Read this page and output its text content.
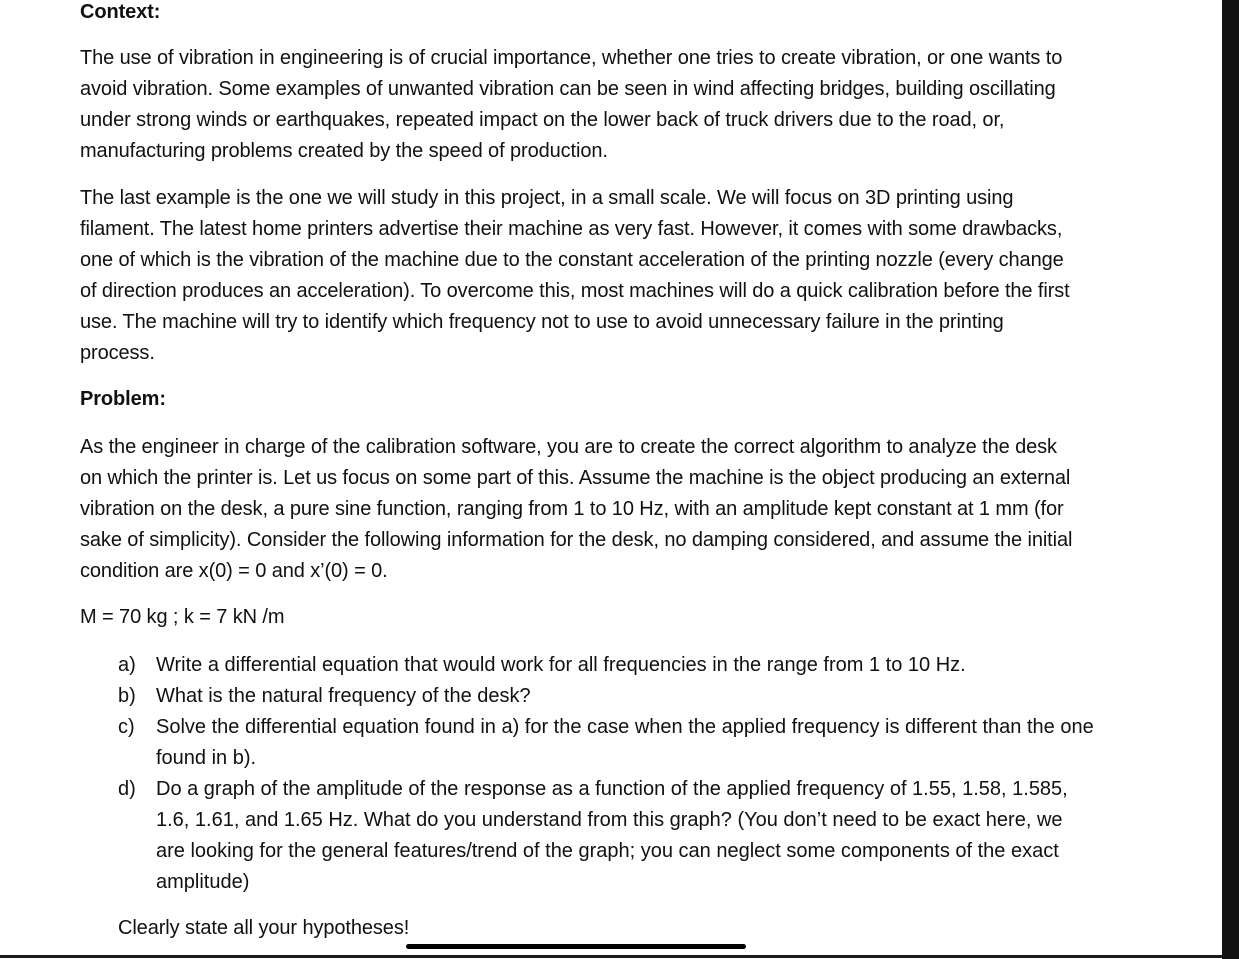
Context:

The use of vibration in engineering is of crucial importance, whether one tries to create vibration, or one wants to avoid vibration. Some examples of unwanted vibration can be seen in wind affecting bridges, building oscillating under strong winds or earthquakes, repeated impact on the lower back of truck drivers due to the road, or, manufacturing problems created by the speed of production.

The last example is the one we will study in this project, in a small scale. We will focus on 3D printing using filament. The latest home printers advertise their machine as very fast. However, it comes with some drawbacks, one of which is the vibration of the machine due to the constant acceleration of the printing nozzle (every change of direction produces an acceleration). To overcome this, most machines will do a quick calibration before the first use. The machine will try to identify which frequency not to use to avoid unnecessary failure in the printing process.

Problem:

As the engineer in charge of the calibration software, you are to create the correct algorithm to analyze the desk on which the printer is. Let us focus on some part of this. Assume the machine is the object producing an external vibration on the desk, a pure sine function, ranging from 1 to 10 Hz, with an amplitude kept constant at 1 mm (for sake of simplicity). Consider the following information for the desk, no damping considered, and assume the initial condition are x(0) = 0 and x’(0) = 0.

M = 70 kg ; k = 7 kN /m

a)	Write a differential equation that would work for all frequencies in the range from 1 to 10 Hz.
b)	What is the natural frequency of the desk?
c)	Solve the differential equation found in a) for the case when the applied frequency is different than the one found in b).
d)	Do a graph of the amplitude of the response as a function of the applied frequency of 1.55, 1.58, 1.585, 1.6, 1.61, and 1.65 Hz. What do you understand from this graph? (You don’t need to be exact here, we are looking for the general features/trend of the graph; you can neglect some components of the exact amplitude)

Clearly state all your hypotheses!
